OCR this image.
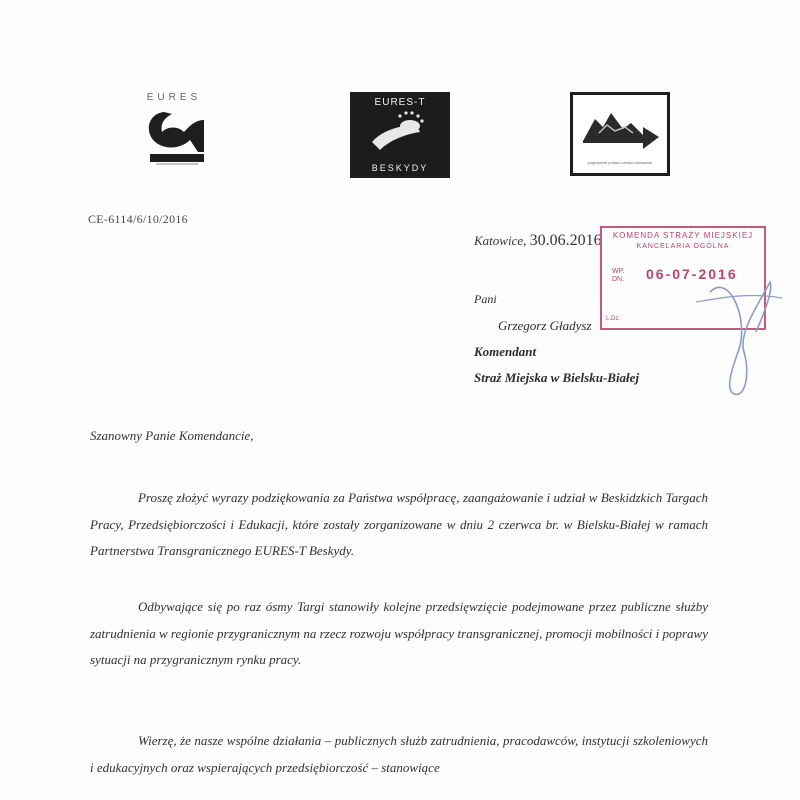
EURES	EURES-T
BESKYDY
pogranicze polsko-czesko-słowackie
CE-6114/6/10/2016
Katowice, 30.06.2016	KOMENDA STRAŻY MIEJSKIEJ
KANCELARIA OGÓLNA
WP.
DN. 06-07-2016
L.Dz.
Pani
Grzegorz Gładysz
Komendant
Straż Miejska w Bielsku-Białej
Szanowny Panie Komendancie,

Proszę złożyć wyrazy podziękowania za Państwa współpracę, zaangażowanie i udział w Beskidzkich Targach Pracy, Przedsiębiorczości i Edukacji, które zostały zorganizowane w dniu 2 czerwca br. w Bielsku-Białej w ramach Partnerstwa Transgranicznego EURES-T Beskydy.

Odbywające się po raz ósmy Targi stanowiły kolejne przedsięwzięcie podejmowane przez publiczne służby zatrudnienia w regionie przygranicznym na rzecz rozwoju współpracy transgranicznej, promocji mobilności i poprawy sytuacji na przygranicznym rynku pracy.

Wierzę, że nasze wspólne działania – publicznych służb zatrudnienia, pracodawców, instytucji szkoleniowych i edukacyjnych oraz wspierających przedsiębiorczość – stanowiące
